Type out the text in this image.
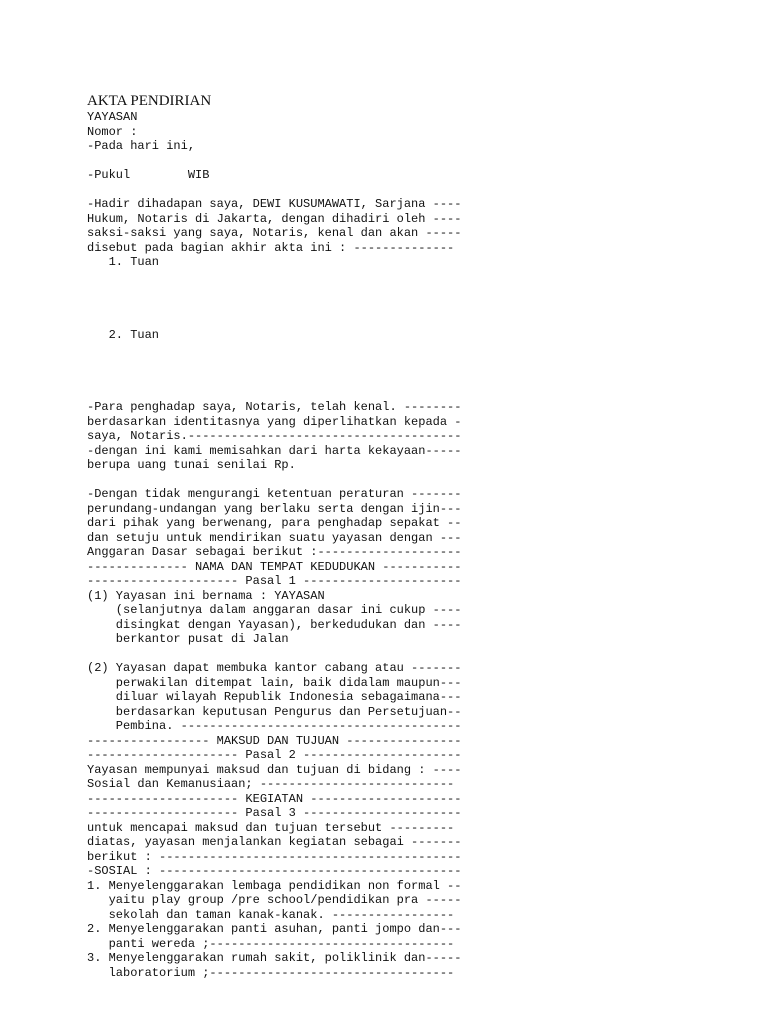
AKTA PENDIRIAN
YAYASAN
Nomor :
-Pada hari ini,
-Pukul        WIB
-Hadir dihadapan saya, DEWI KUSUMAWATI, Sarjana ----
Hukum, Notaris di Jakarta, dengan dihadiri oleh ----
saksi-saksi yang saya, Notaris, kenal dan akan -----
disebut pada bagian akhir akta ini : --------------
1. Tuan
2. Tuan
-Para penghadap saya, Notaris, telah kenal. --------
berdasarkan identitasnya yang diperlihatkan kepada -
saya, Notaris.--------------------------------------
-dengan ini kami memisahkan dari harta kekayaan-----
berupa uang tunai senilai Rp.
-Dengan tidak mengurangi ketentuan peraturan -------
perundang-undangan yang berlaku serta dengan ijin---
dari pihak yang berwenang, para penghadap sepakat --
dan setuju untuk mendirikan suatu yayasan dengan ---
Anggaran Dasar sebagai berikut :--------------------
-------------- NAMA DAN TEMPAT KEDUDUKAN -----------
--------------------- Pasal 1 ----------------------
(1) Yayasan ini bernama : YAYASAN
(selanjutnya dalam anggaran dasar ini cukup ----
disingkat dengan Yayasan), berkedudukan dan ----
berkantor pusat di Jalan
(2) Yayasan dapat membuka kantor cabang atau -------
perwakilan ditempat lain, baik didalam maupun---
diluar wilayah Republik Indonesia sebagaimana---
berdasarkan keputusan Pengurus dan Persetujuan--
Pembina. ---------------------------------------
----------------- MAKSUD DAN TUJUAN ----------------
--------------------- Pasal 2 ----------------------
Yayasan mempunyai maksud dan tujuan di bidang : ----
Sosial dan Kemanusiaan; ---------------------------
--------------------- KEGIATAN ---------------------
--------------------- Pasal 3 ----------------------
untuk mencapai maksud dan tujuan tersebut ---------
diatas, yayasan menjalankan kegiatan sebagai -------
berikut : ------------------------------------------
-SOSIAL : ------------------------------------------
1. Menyelenggarakan lembaga pendidikan non formal --
yaitu play group /pre school/pendidikan pra -----
sekolah dan taman kanak-kanak. -----------------
2. Menyelenggarakan panti asuhan, panti jompo dan---
panti wereda ;----------------------------------
3. Menyelenggarakan rumah sakit, poliklinik dan-----
laboratorium ;----------------------------------
